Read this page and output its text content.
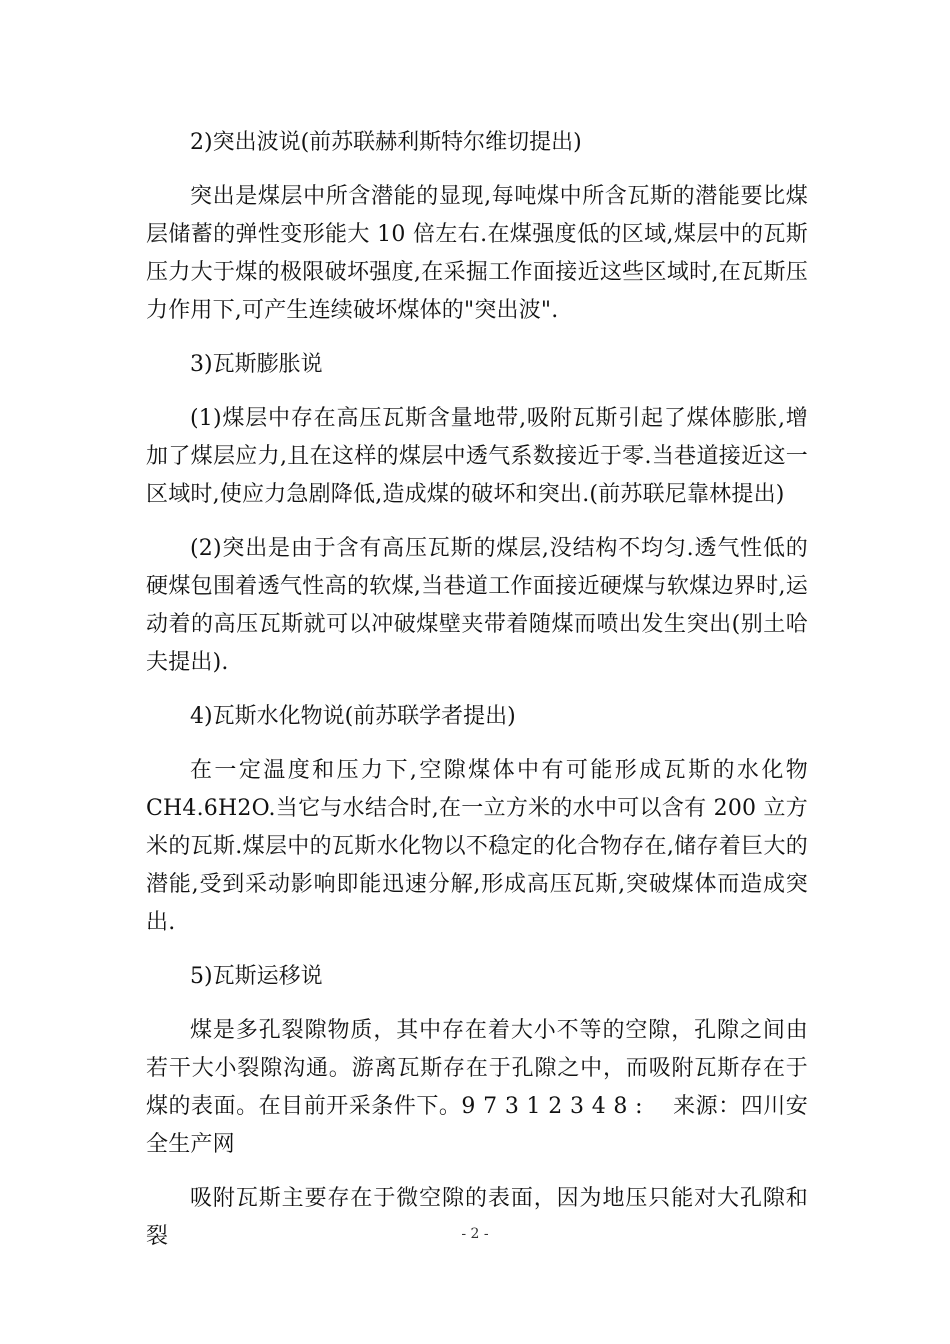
2)突出波说(前苏联赫利斯特尔维切提出)

突出是煤层中所含潜能的显现,每吨煤中所含瓦斯的潜能要比煤层储蓄的弹性变形能大 10 倍左右.在煤强度低的区域,煤层中的瓦斯压力大于煤的极限破坏强度,在采掘工作面接近这些区域时,在瓦斯压力作用下,可产生连续破坏煤体的"突出波".

3)瓦斯膨胀说

(1)煤层中存在高压瓦斯含量地带,吸附瓦斯引起了煤体膨胀,增加了煤层应力,且在这样的煤层中透气系数接近于零.当巷道接近这一区域时,使应力急剧降低,造成煤的破坏和突出.(前苏联尼靠林提出)

(2)突出是由于含有高压瓦斯的煤层,没结构不均匀.透气性低的硬煤包围着透气性高的软煤,当巷道工作面接近硬煤与软煤边界时,运动着的高压瓦斯就可以冲破煤壁夹带着随煤而喷出发生突出(别土哈夫提出).

4)瓦斯水化物说(前苏联学者提出)

在一定温度和压力下,空隙煤体中有可能形成瓦斯的水化物 CH4.6H2O.当它与水结合时,在一立方米的水中可以含有 200 立方米的瓦斯.煤层中的瓦斯水化物以不稳定的化合物存在,储存着巨大的潜能,受到采动影响即能迅速分解,形成高压瓦斯,突破煤体而造成突出.

5)瓦斯运移说

煤是多孔裂隙物质，其中存在着大小不等的空隙，孔隙之间由若干大小裂隙沟通。游离瓦斯存在于孔隙之中，而吸附瓦斯存在于煤的表面。在目前开采条件下。9 7 3 1 2 3 4 8 :　 来源：四川安全生产网

吸附瓦斯主要存在于微空隙的表面，因为地压只能对大孔隙和裂	- 2 -
